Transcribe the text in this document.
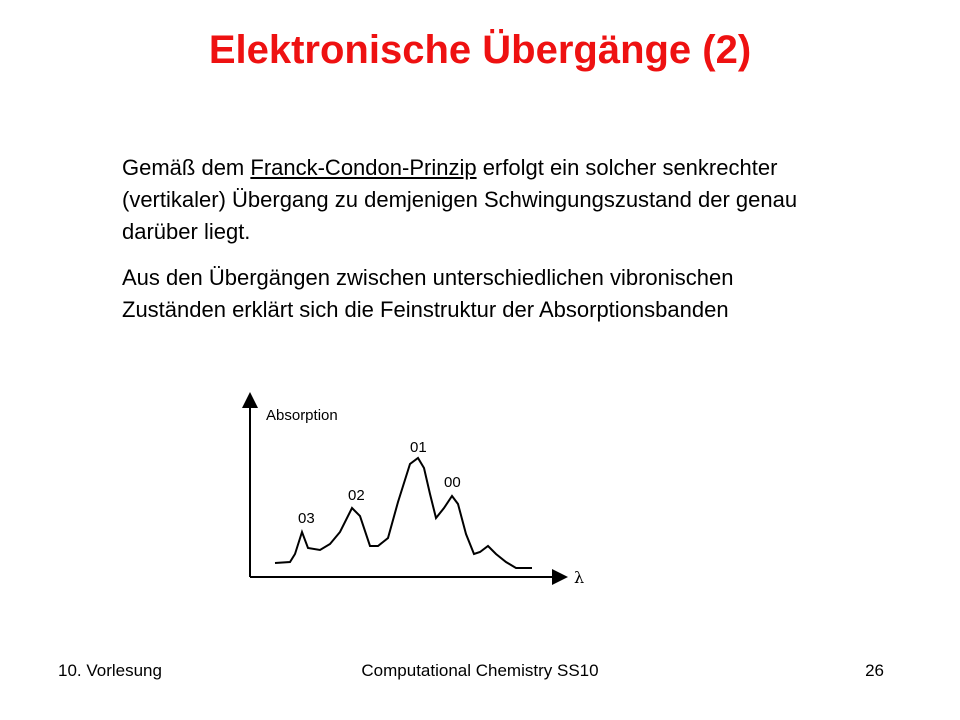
Elektronische Übergänge (2)
Gemäß dem Franck-Condon-Prinzip erfolgt ein solcher senkrechter (vertikaler) Übergang zu demjenigen Schwingungszustand der genau darüber liegt.
Aus den Übergängen zwischen unterschiedlichen vibronischen Zuständen erklärt sich die Feinstruktur der Absorptionsbanden
Absorption
λ
03
02
01
00
10. Vorlesung	Computational Chemistry SS10	26
